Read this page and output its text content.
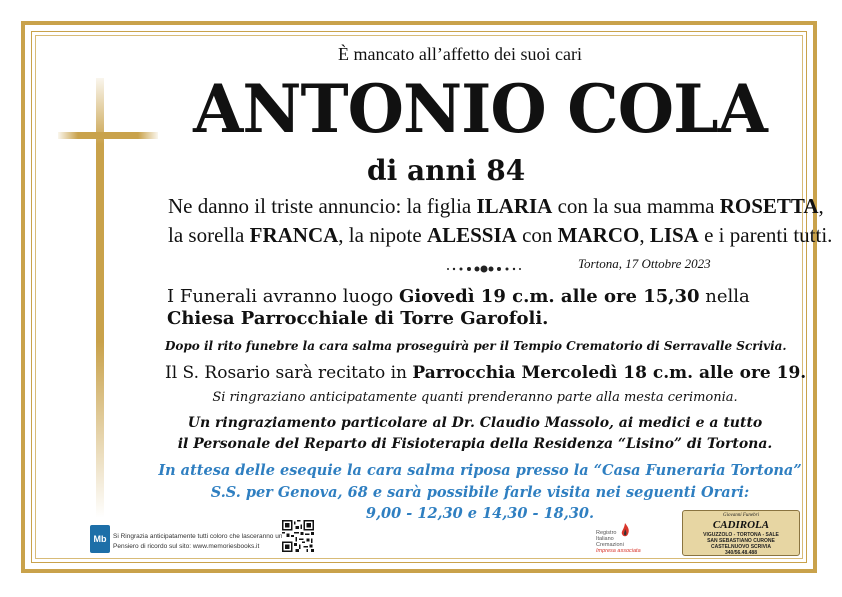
È mancato all’affetto dei suoi cari
ANTONIO COLA
di anni 84
Ne danno il triste annuncio: la figlia ILARIA con la sua mamma ROSETTA,
la sorella FRANCA, la nipote ALESSIA con MARCO, LISA e i parenti tutti.
Tortona, 17 Ottobre 2023
I Funerali avranno luogo Giovedì 19 c.m. alle ore 15,30 nella
Chiesa Parrocchiale di Torre Garofoli.
Dopo il rito funebre la cara salma proseguirà per il Tempio Crematorio di Serravalle Scrivia.
Il S. Rosario sarà recitato in Parrocchia Mercoledì 18 c.m. alle ore 19.
Si ringraziano anticipatamente quanti prenderanno parte alla mesta cerimonia.
Un ringraziamento particolare al Dr. Claudio Massolo, ai medici e a tutto
il Personale del Reparto di Fisioterapia della Residenza “Lisino” di Tortona.
In attesa delle esequie la cara salma riposa presso la “Casa Funeraria Tortona”
S.S. per Genova, 68 e sarà possibile farle visita nei seguenti Orari:
9,00 - 12,30 e 14,30 - 18,30.
Mb	Si Ringrazia anticipatamente tutti coloro che lasceranno un
Pensiero di ricordo sul sito: www.memoriesbooks.it
Registro
Italiano
Cremazioni
Impresa associata
Giovanni Funebri
CADIROLA
VIGUZZOLO - TORTONA - SALE
SAN SEBASTIANO CURONE
CASTELNUOVO SCRIVIA
340/56.48.488
